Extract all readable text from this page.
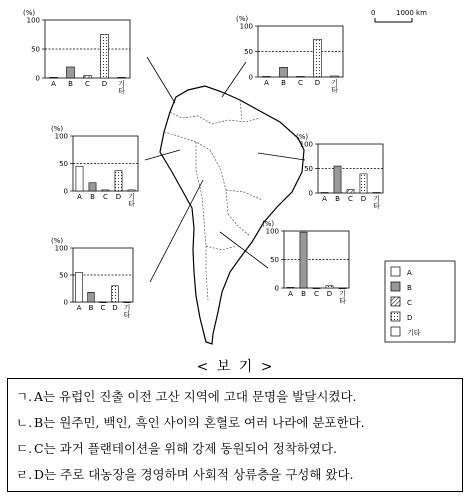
0	1000 km
A
B
C
D
기타
(%)
100
50
0
A B C D 기
타
(%)
100
50
0
A B C D 기
타
(%)
100
50
0
A B C D 기
타
(%)
100
50
0
A B C D 기
타
(%)
100
50
0
A B C D 기
타
(%)
100
50
0
A B C D 기
타
< 보 기 >
ㄱ. A는 유럽인 진출 이전 고산 지역에 고대 문명을 발달시켰다.
ㄴ. B는 원주민, 백인, 흑인 사이의 혼혈로 여러 나라에 분포한다.
ㄷ. C는 과거 플랜테이션을 위해 강제 동원되어 정착하였다.
ㄹ. D는 주로 대농장을 경영하며 사회적 상류층을 구성해 왔다.
